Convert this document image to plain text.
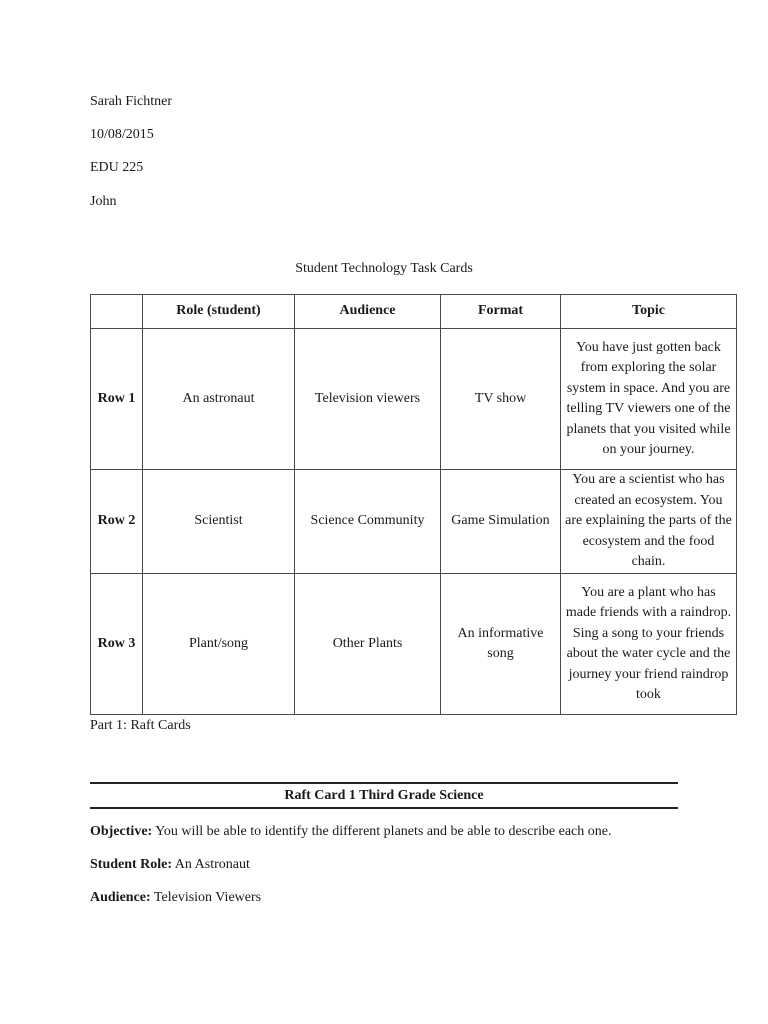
Sarah Fichtner
10/08/2015
EDU 225
John
Student Technology Task Cards
	Role (student)	Audience	Format	Topic
Row 1	An astronaut	Television viewers	TV show	You have just gotten back from exploring the solar system in space. And you are telling TV viewers one of the planets that you visited while on your journey.
Row 2	Scientist	Science Community	Game Simulation	You are a scientist who has created an ecosystem. You are explaining the parts of the ecosystem and the food chain.
Row 3	Plant/song	Other Plants	An informative song	You are a plant who has made friends with a raindrop. Sing a song to your friends about the water cycle and the journey your friend raindrop took
Part 1: Raft Cards
Raft Card 1 Third Grade Science
Objective: You will be able to identify the different planets and be able to describe each one.
Student Role: An Astronaut
Audience: Television Viewers
